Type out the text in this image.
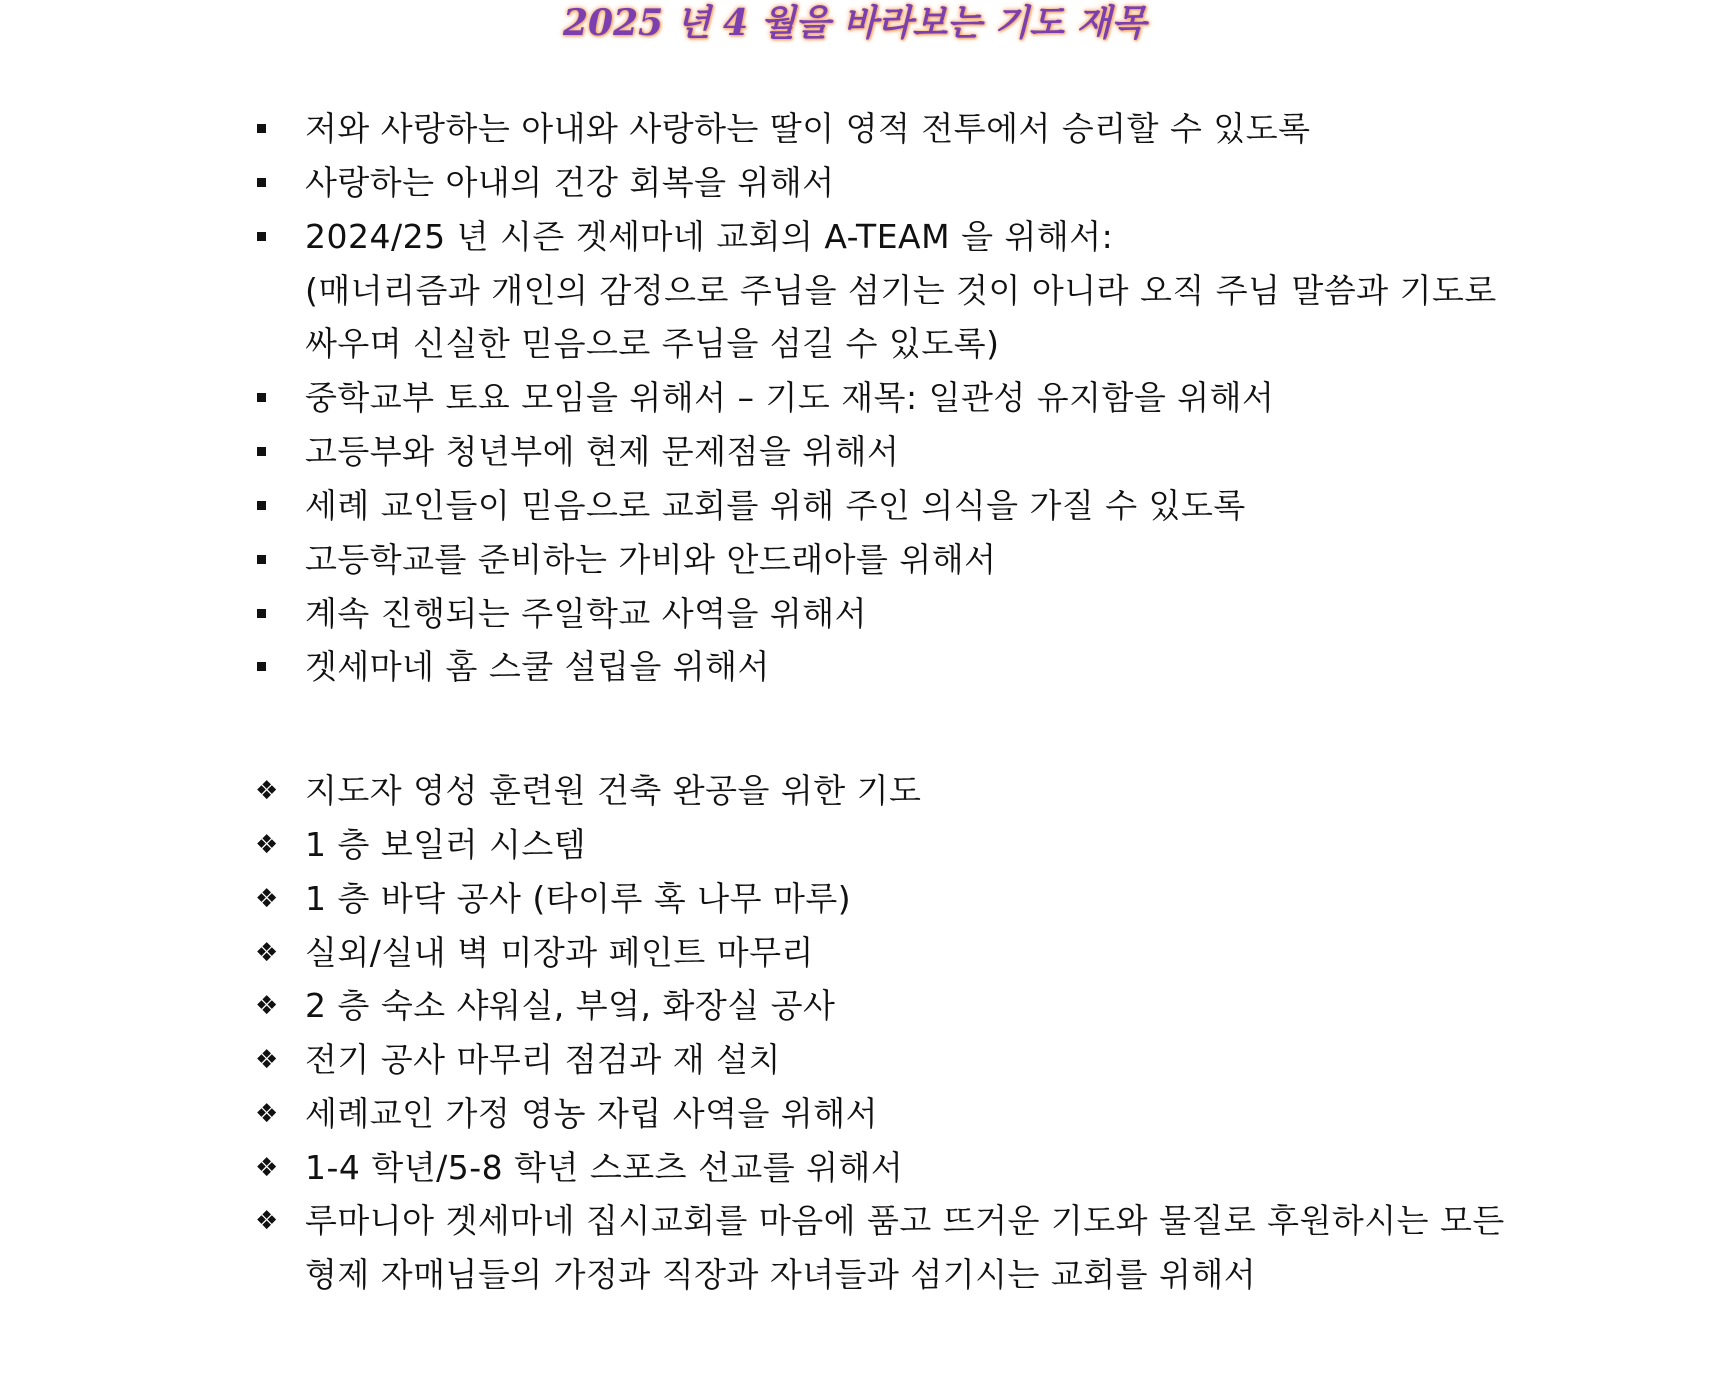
2025 년 4 월을 바라보는 기도 재목
저와 사랑하는 아내와 사랑하는 딸이 영적 전투에서 승리할 수 있도록
사랑하는 아내의 건강 회복을 위해서
2024/25 년 시즌 겟세마네 교회의 A-TEAM 을 위해서:
(매너리즘과 개인의 감정으로 주님을 섬기는 것이 아니라 오직 주님 말씀과 기도로
싸우며 신실한 믿음으로 주님을 섬길 수 있도록)
중학교부 토요 모임을 위해서 – 기도 재목: 일관성 유지함을 위해서
고등부와 청년부에 현제 문제점을 위해서
세례 교인들이 믿음으로 교회를 위해 주인 의식을 가질 수 있도록
고등학교를 준비하는 가비와 안드래아를 위해서
계속 진행되는 주일학교 사역을 위해서
겟세마네 홈 스쿨 설립을 위해서
❖ 지도자 영성 훈련원 건축 완공을 위한 기도
❖ 1 층 보일러 시스템
❖ 1 층 바닥 공사 (타이루 혹 나무 마루)
❖ 실외/실내 벽 미장과 페인트 마무리
❖ 2 층 숙소 샤워실, 부엌, 화장실 공사
❖ 전기 공사 마무리 점검과 재 설치
❖ 세례교인 가정 영농 자립 사역을 위해서
❖ 1-4 학년/5-8 학년 스포츠 선교를 위해서
❖ 루마니아 겟세마네 집시교회를 마음에 품고 뜨거운 기도와 물질로 후원하시는 모든
형제 자매님들의 가정과 직장과 자녀들과 섬기시는 교회를 위해서
